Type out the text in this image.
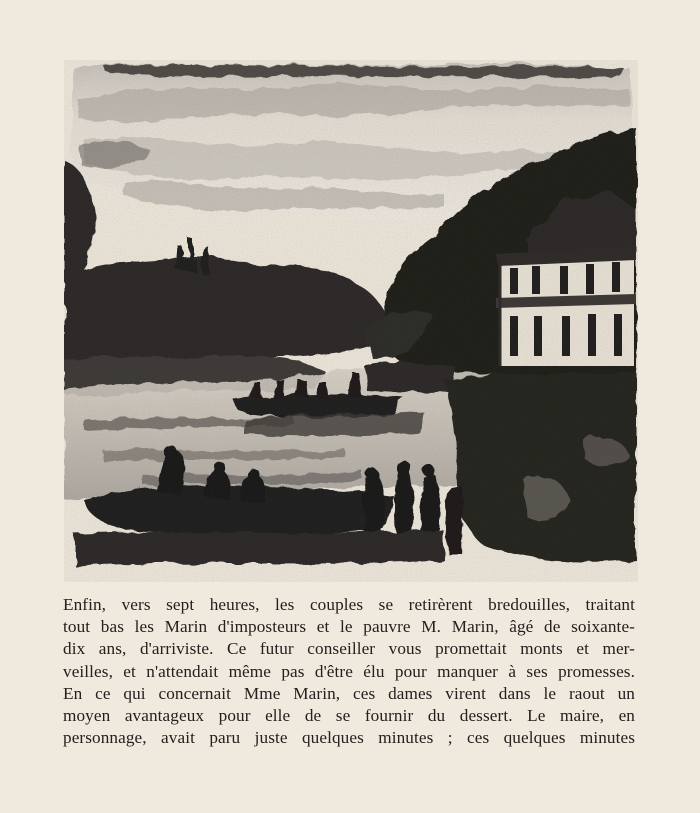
Enfin, vers sept heures, les couples se retirèrent bredouilles, traitant
tout bas les Marin d'imposteurs et le pauvre M. Marin, âgé de soixante-
dix ans, d'arriviste. Ce futur conseiller vous promettait monts et mer-
veilles, et n'attendait même pas d'être élu pour manquer à ses promesses.
En ce qui concernait Mme Marin, ces dames virent dans le raout un
moyen avantageux pour elle de se fournir du dessert. Le maire, en
personnage, avait paru juste quelques minutes ; ces quelques minutes
